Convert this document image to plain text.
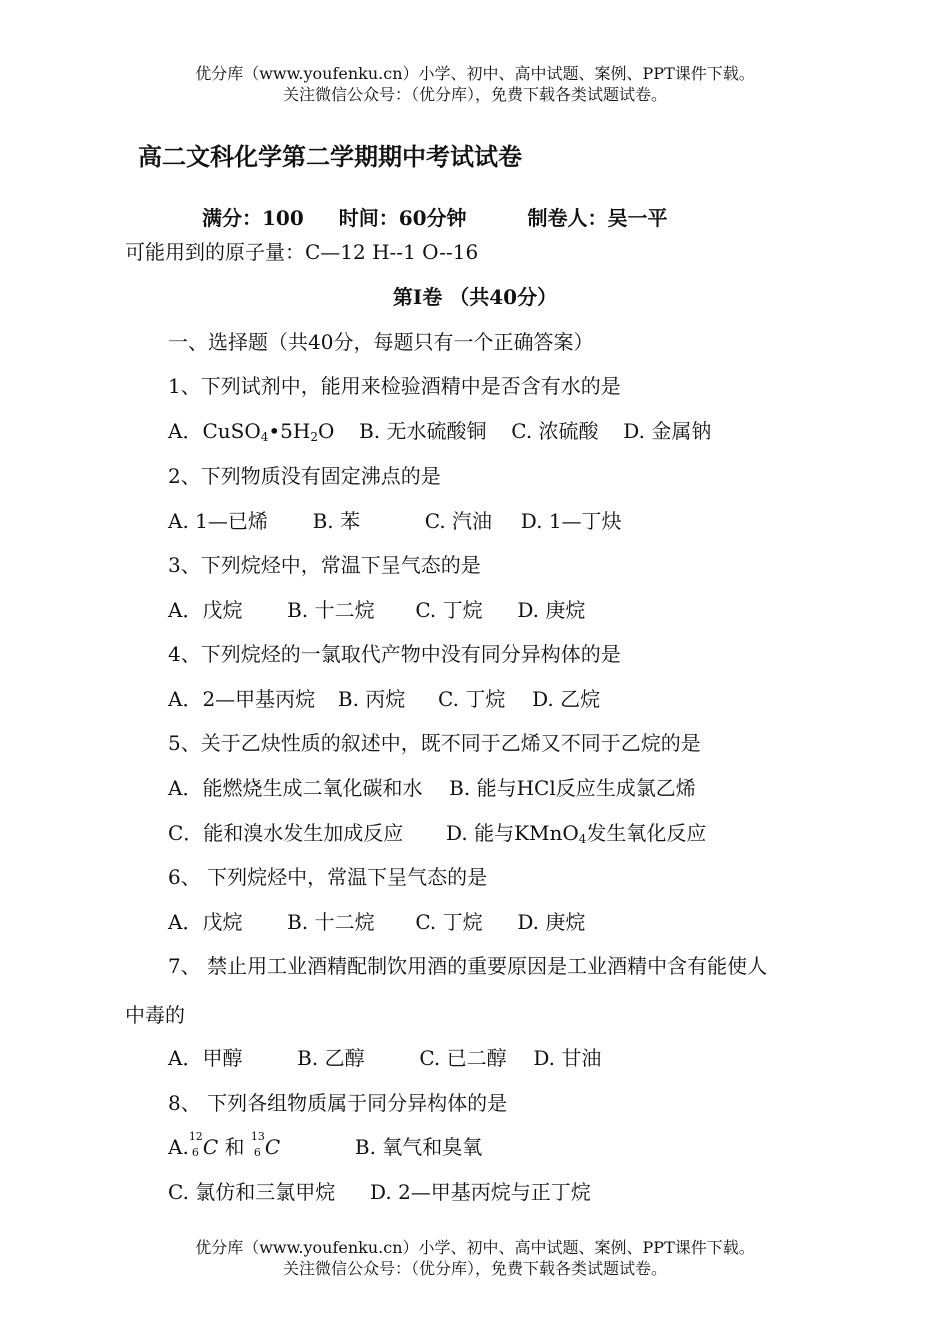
优分库（www.youfenku.cn）小学、初中、高中试题、案例、PPT课件下载。
关注微信公众号：（优分库），免费下载各类试题试卷。
高二文科化学第二学期期中考试试卷
满分：100 时间：60分钟	制卷人：吴一平
可能用到的原子量：C—12 H--1 O--16
第Ⅰ卷 （共40分）
一、选择题（共40分，每题只有一个正确答案）
1、下列试剂中，能用来检验酒精中是否含有水的是
A．$CuSO_4•5H_2O$ B. 无水硫酸铜 C. 浓硫酸 D. 金属钠
2、下列物质没有固定沸点的是
A. 1—已烯 B. 苯	C. 汽油 D. 1—丁炔
3、下列烷烃中，常温下呈气态的是
A．戊烷 B. 十二烷 C. 丁烷 D. 庚烷
4、下列烷烃的一氯取代产物中没有同分异构体的是
A．2—甲基丙烷 B. 丙烷 C. 丁烷 D. 乙烷
5、关于乙炔性质的叙述中，既不同于乙烯又不同于乙烷的是
A．能燃烧生成二氧化碳和水 B. 能与HCl反应生成氯乙烯
C．能和溴水发生加成反应 D. 能与KMnO$_4$发生氧化反应
6、 下列烷烃中，常温下呈气态的是
A．戊烷 B. 十二烷 C. 丁烷 D. 庚烷
7、 禁止用工业酒精配制饮用酒的重要原因是工业酒精中含有能使人
中毒的
A．甲醇	B. 乙醇	C. 已二醇 D. 甘油
8、 下列各组物质属于同分异构体的是
A. 12
6 C 和 13
6 C	B. 氧气和臭氧
C. 氯仿和三氯甲烷 D. 2—甲基丙烷与正丁烷
优分库（www.youfenku.cn）小学、初中、高中试题、案例、PPT课件下载。
关注微信公众号：（优分库），免费下载各类试题试卷。
